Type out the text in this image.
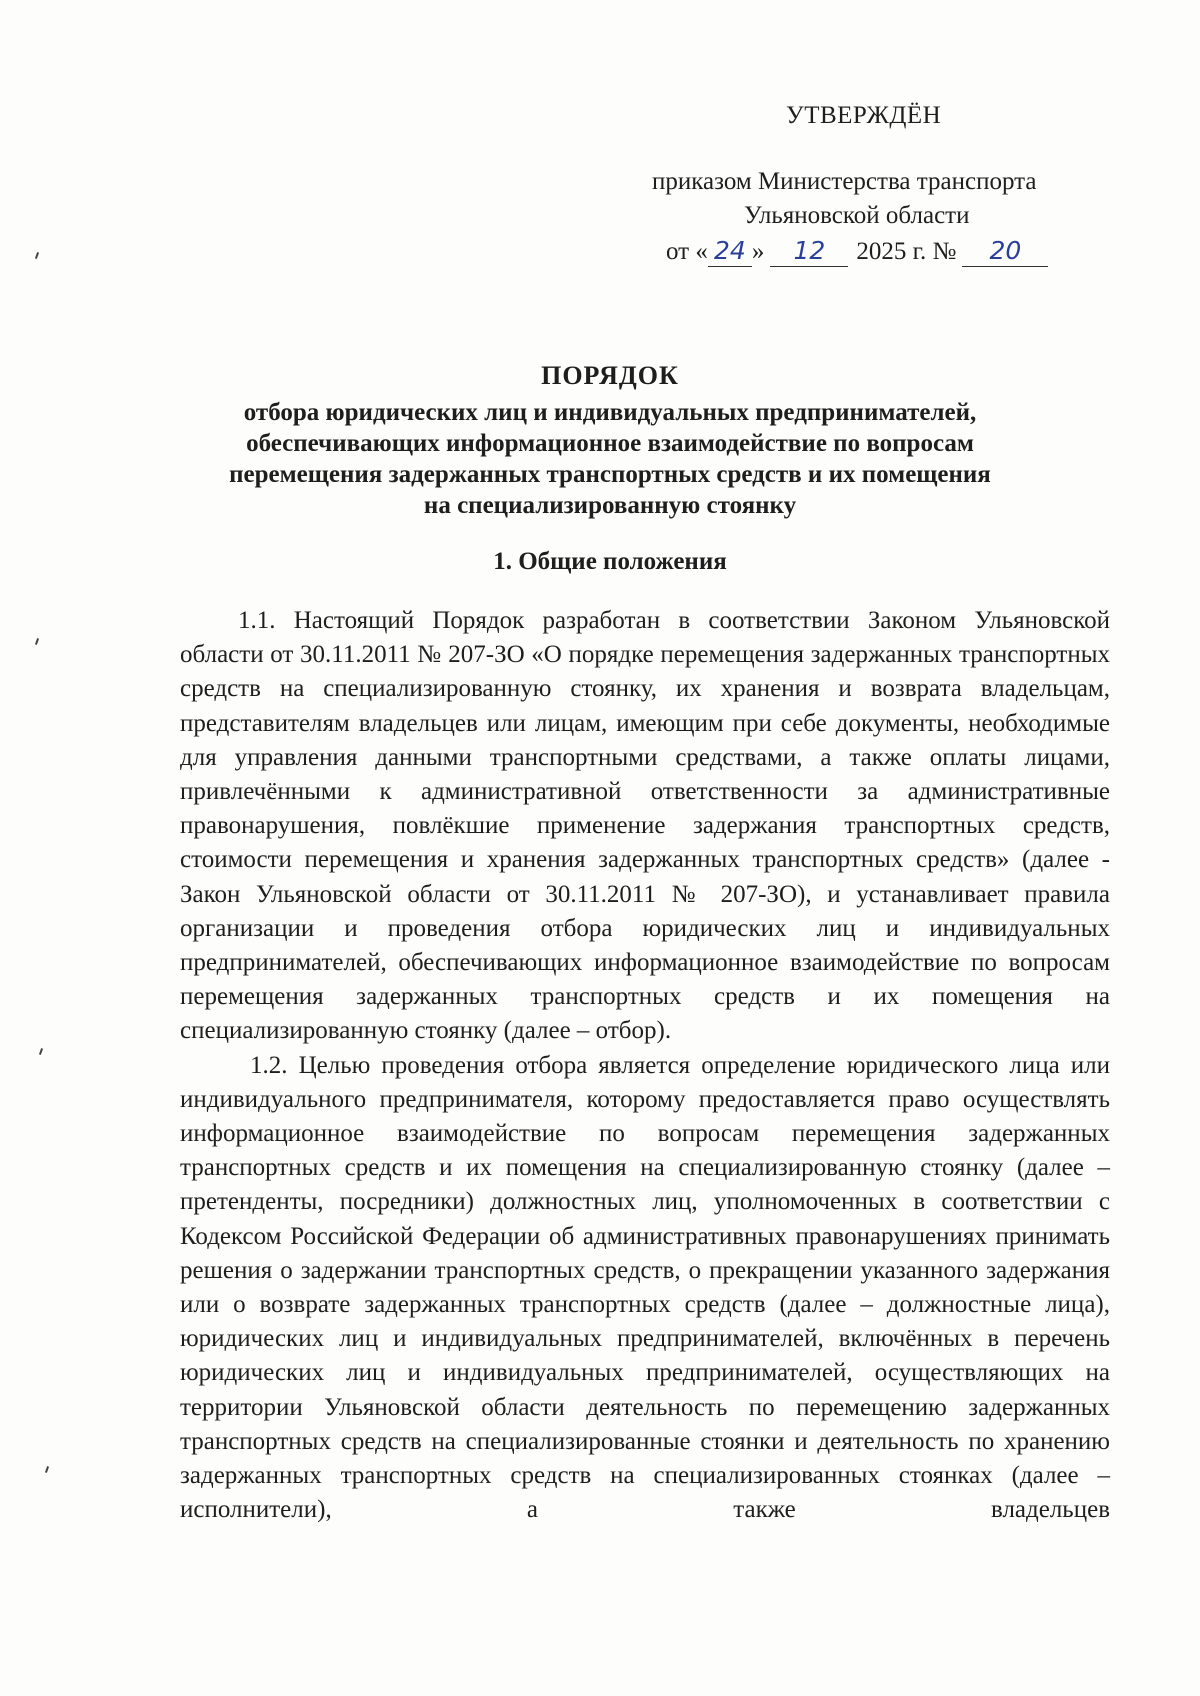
УТВЕРЖДЁН
приказом Министерства транспорта
Ульяновской области
от « 24 » 12 2025 г. № 20
ПОРЯДОК
отбора юридических лиц и индивидуальных предпринимателей,
обеспечивающих информационное взаимодействие по вопросам
перемещения задержанных транспортных средств и их помещения
на специализированную стоянку
1. Общие положения

1.1. Настоящий Порядок разработан в соответствии Законом Ульяновской области от 30.11.2011 № 207-ЗО «О порядке перемещения задержанных транспортных средств на специализированную стоянку, их хранения и возврата владельцам, представителям владельцев или лицам, имеющим при себе документы, необходимые для управления данными транспортными средствами, а также оплаты лицами, привлечёнными к административной ответственности за административные правонарушения, повлёкшие применение задержания транспортных средств, стоимости перемещения и хранения задержанных транспортных средств» (далее - Закон Ульяновской области от 30.11.2011 № 207-ЗО), и устанавливает правила организации и проведения отбора юридических лиц и индивидуальных предпринимателей, обеспечивающих информационное взаимодействие по вопросам перемещения задержанных транспортных средств и их помещения на специализированную стоянку (далее – отбор).

1.2. Целью проведения отбора является определение юридического лица или индивидуального предпринимателя, которому предоставляется право осуществлять информационное взаимодействие по вопросам перемещения задержанных транспортных средств и их помещения на специализированную стоянку (далее – претенденты, посредники) должностных лиц, уполномоченных в соответствии с Кодексом Российской Федерации об административных правонарушениях принимать решения о задержании транспортных средств, о прекращении указанного задержания или о возврате задержанных транспортных средств (далее – должностные лица), юридических лиц и индивидуальных предпринимателей, включённых в перечень юридических лиц и индивидуальных предпринимателей, осуществляющих на территории Ульяновской области деятельность по перемещению задержанных транспортных средств на специализированные стоянки и деятельность по хранению задержанных транспортных средств на специализированных стоянках (далее – исполнители), а также владельцев
